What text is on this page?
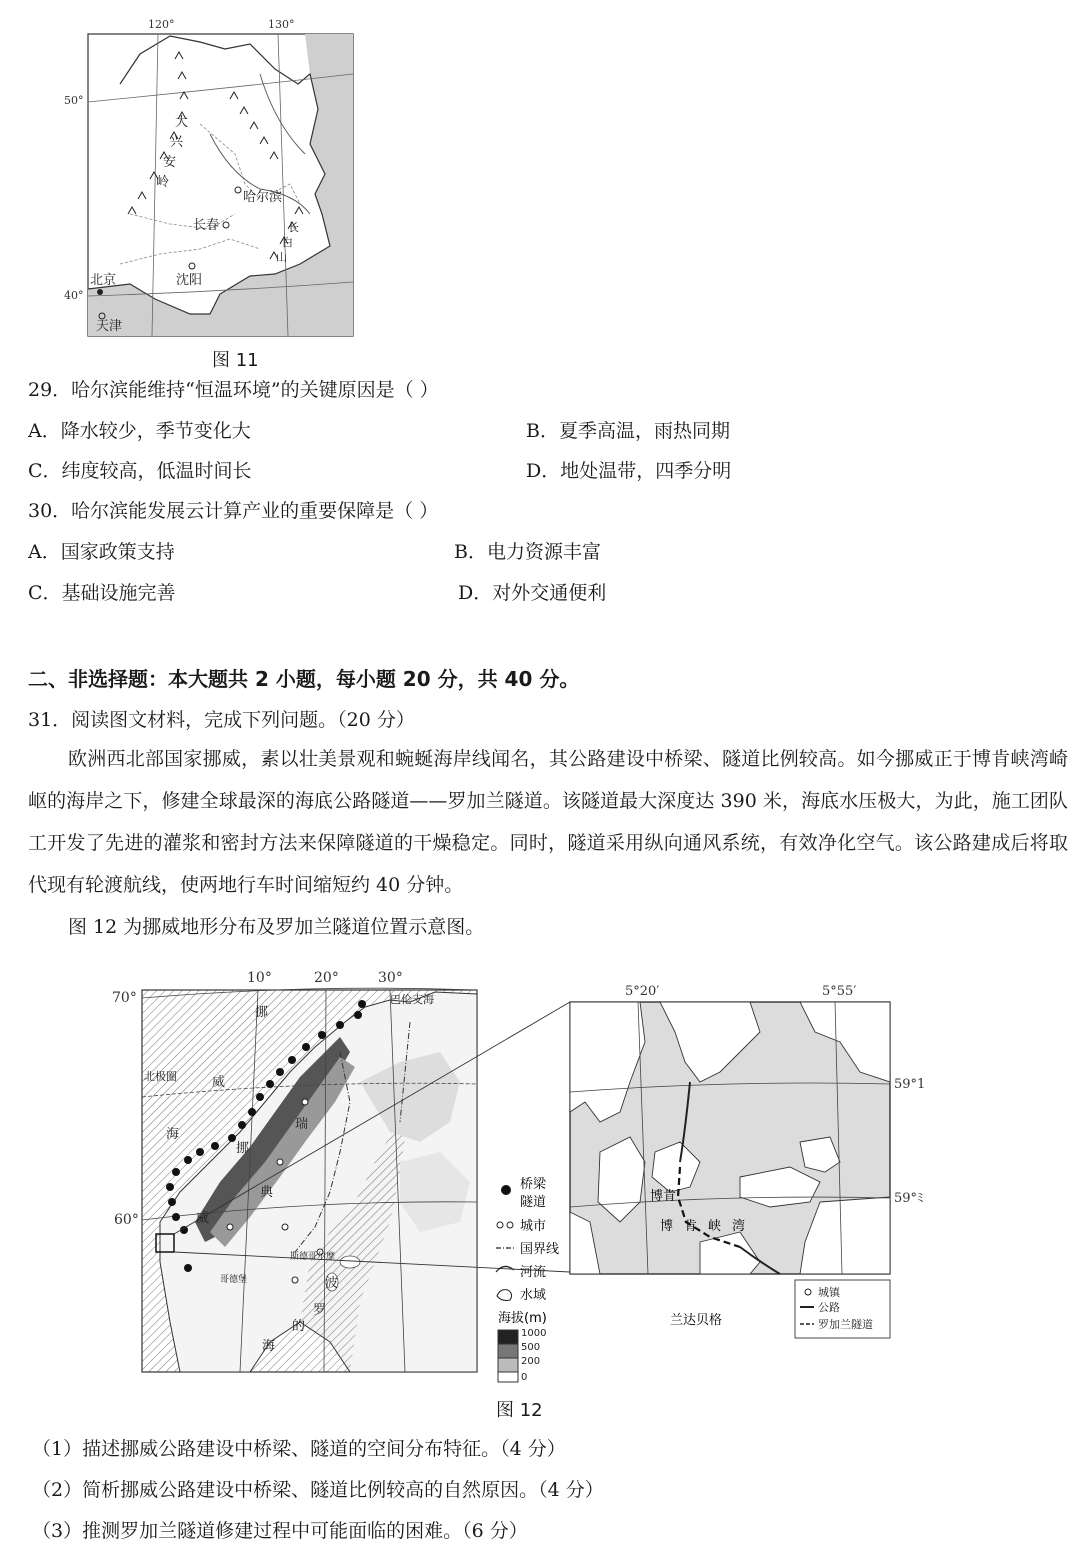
大
兴
安
岭
长
白
山
哈尔滨
长春
沈阳
北京
天津
120°	130°
50°
40°
图 11
29．哈尔滨能维持“恒温环境”的关键原因是（ ）
A．降水较少，季节变化大	B．夏季高温，雨热同期
C．纬度较高，低温时间长	D．地处温带，四季分明
30．哈尔滨能发展云计算产业的重要保障是（ ）
A．国家政策支持	B．电力资源丰富
C．基础设施完善	D．对外交通便利
二、非选择题：本大题共 2 小题，每小题 20 分，共 40 分。
31．阅读图文材料，完成下列问题。（20 分）

欧洲西北部国家挪威，素以壮美景观和蜿蜒海岸线闻名，其公路建设中桥梁、隧道比例较高。如今挪威正于博肯峡湾崎岖的海岸之下，修建全球最深的海底公路隧道——罗加兰隧道。该隧道最大深度达 390 米，海底水压极大，为此，施工团队工开发了先进的灌浆和密封方法来保障隧道的干燥稳定。同时，隧道采用纵向通风系统，有效净化空气。该公路建成后将取代现有轮渡航线，使两地行车时间缩短约 40 分钟。

图 12 为挪威地形分布及罗加兰隧道位置示意图。

10°	20°	30°
70°
60°
巴伦支海
北极圈
挪
威
海
挪
威
瑞
典
斯德哥尔摩
哥德堡	波
罗
的
海
桥梁
隧道
城市
国界线
河流
水域
海拔(m)
1000
500
200
0
5°20′	5°55′
59°1
59°ﾐ
博肯
博 肯 峡 湾
兰达贝格
城镇
公路
罗加兰隧道
图 12
（1）描述挪威公路建设中桥梁、隧道的空间分布特征。（4 分）
（2）简析挪威公路建设中桥梁、隧道比例较高的自然原因。（4 分）
（3）推测罗加兰隧道修建过程中可能面临的困难。（6 分）
